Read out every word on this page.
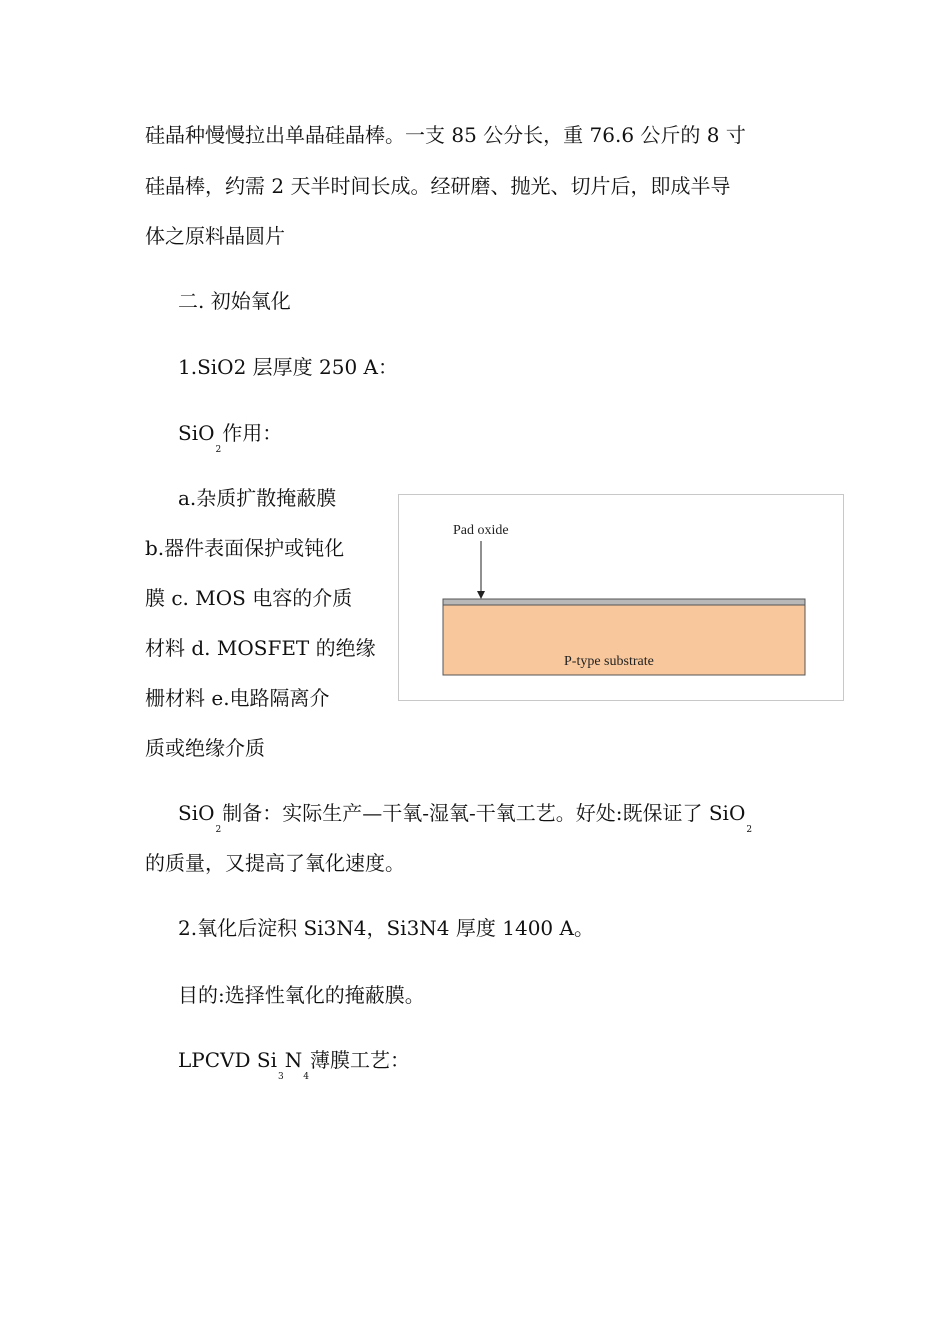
硅晶种慢慢拉出单晶硅晶棒。一支 85 公分长，重 76.6 公斤的 8 寸
硅晶棒，约需 2 天半时间长成。经研磨、抛光、切片后，即成半导
体之原料晶圆片
二. 初始氧化
1.SiO2 层厚度 250 A：
SiO$_2$作用：
a.杂质扩散掩蔽膜
b.器件表面保护或钝化
膜 c. MOS 电容的介质
材料 d. MOSFET 的绝缘
栅材料 e.电路隔离介
质或绝缘介质
Pad oxide
P-type substrate
SiO$_2$制备：实际生产—干氧-湿氧-干氧工艺。好处:既保证了 SiO$_2$
的质量，又提高了氧化速度。
2.氧化后淀积 Si3N4，Si3N4 厚度 1400 A。
目的:选择性氧化的掩蔽膜。
LPCVD $Si_3N_4$薄膜工艺：
